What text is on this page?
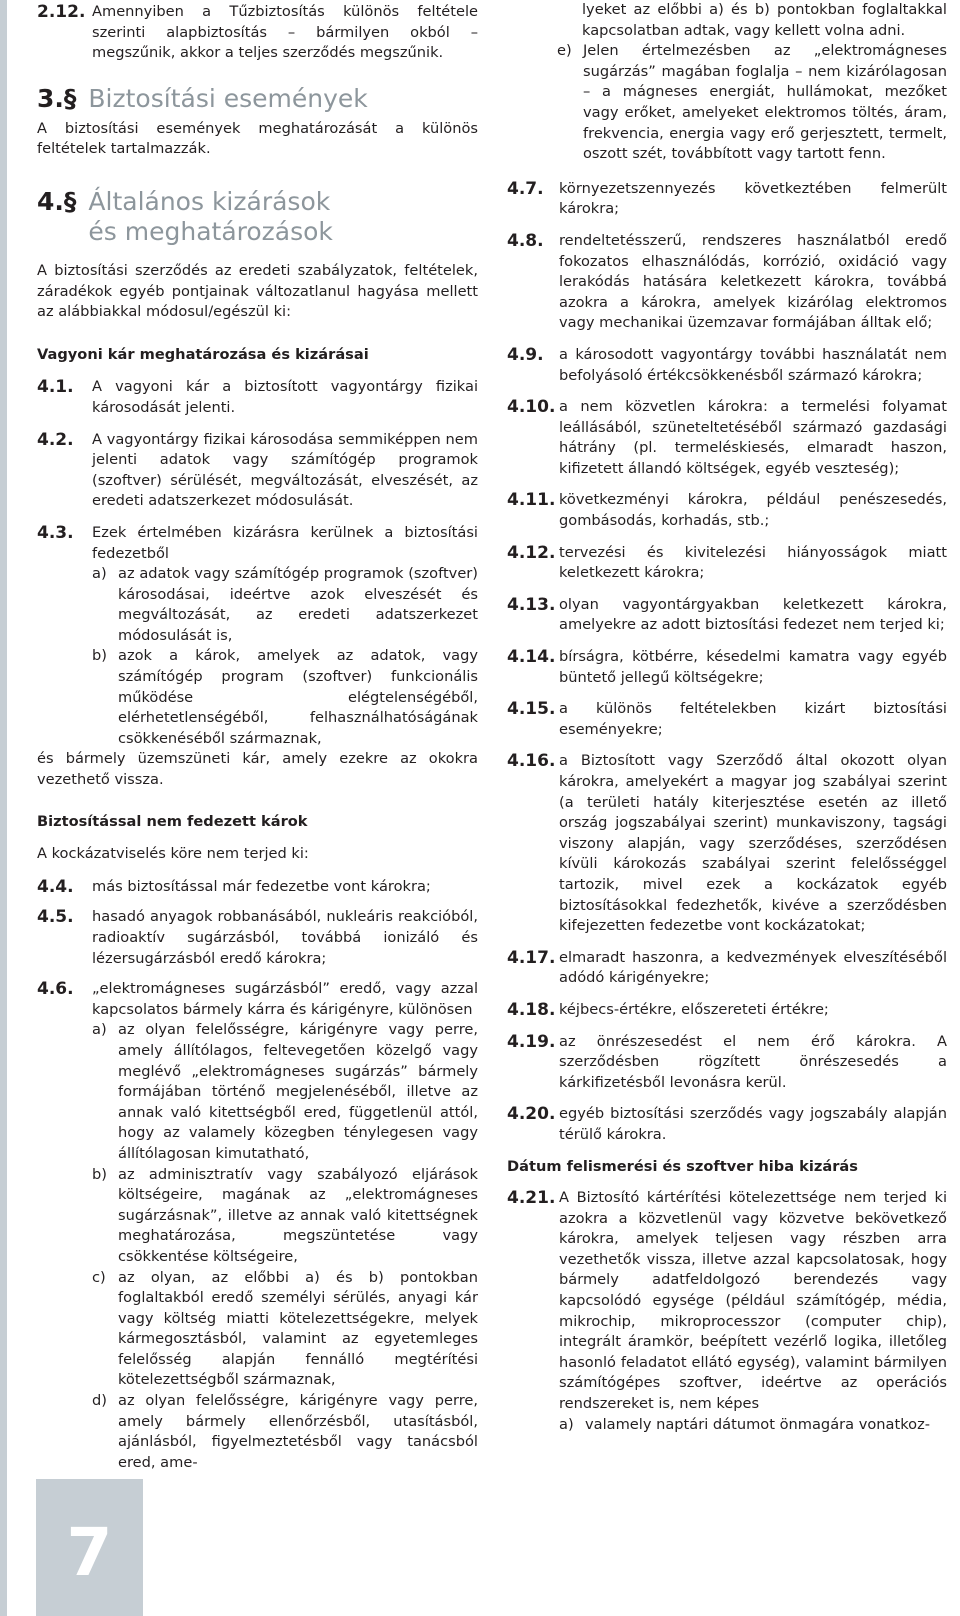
2.12. Amennyiben a Tűzbiztosítás különös feltétele szerinti alapbiztosítás – bármilyen okból – megszűnik, akkor a teljes szerződés megszűnik.
3.§ Biztosítási események

A biztosítási események meghatározását a különös feltételek tartalmazzák.

4.§ Általános kizárások
és meghatározások

A biztosítási szerződés az eredeti szabályzatok, feltételek, záradékok egyéb pontjainak változatlanul hagyása mellett az alábbiakkal módosul/egészül ki:

Vagyoni kár meghatározása és kizárásai

4.1.	A vagyoni kár a biztosított vagyontárgy fizikai károsodását jelenti.
4.2.	A vagyontárgy fizikai károsodása semmiképpen nem jelenti adatok vagy számítógép programok (szoftver) sérülését, megváltozását, elveszését, az eredeti adatszerkezet módosulását.
4.3.	Ezek értelmében kizárásra kerülnek a biztosítási fedezetből
a) az adatok vagy számítógép programok (szoftver) károsodásai, ideértve azok elveszését és megváltozását, az eredeti adatszerkezet módosulását is,
b) azok a károk, amelyek az adatok, vagy számítógép program (szoftver) funkcionális működése elégtelenségéből, elérhetetlenségéből, felhasználhatóságának csökkenéséből származnak,

és bármely üzemszüneti kár, amely ezekre az okokra vezethető vissza.

Biztosítással nem fedezett károk

A kockázatviselés köre nem terjed ki:

4.4.	más biztosítással már fedezetbe vont károkra;
4.5.	hasadó anyagok robbanásából, nukleáris reakcióból, radioaktív sugárzásból, továbbá ionizáló és lézersugárzásból eredő károkra;
4.6.	„elektromágneses sugárzásból” eredő, vagy azzal kapcsolatos bármely kárra és kárigényre, különösen
a) az olyan felelősségre, kárigényre vagy perre, amely állítólagos, feltevegetően közelgő vagy meglévő „elektromágneses sugárzás” bármely formájában történő megjelenéséből, illetve az annak való kitettségből ered, függetlenül attól, hogy az valamely közegben ténylegesen vagy állítólagosan kimutatható,
b) az adminisztratív vagy szabályozó eljárások költségeire, magának az „elektromágneses sugárzásnak”, illetve az annak való kitettségnek meghatározása, megszüntetése vagy csökkentése költségeire,
c) az olyan, az előbbi a) és b) pontokban foglaltakból eredő személyi sérülés, anyagi kár vagy költség miatti kötelezettségekre, melyek kármegosztásból, valamint az egyetemleges felelősség alapján fennálló megtérítési kötelezettségből származnak,
d) az olyan felelősségre, kárigényre vagy perre, amely bármely ellenőrzésből, utasításból, ajánlásból, figyelmeztetésből vagy tanácsból ered, ame-
7
lyeket az előbbi a) és b) pontokban foglaltakkal kapcsolatban adtak, vagy kellett volna adni.
e) Jelen értelmezésben az „elektromágneses sugárzás” magában foglalja – nem kizárólagosan – a mágneses energiát, hullámokat, mezőket vagy erőket, amelyeket elektromos töltés, áram, frekvencia, energia vagy erő gerjesztett, termelt, oszott szét, továbbított vagy tartott fenn.
4.7.	környezetszennyezés következtében felmerült károkra;
4.8.	rendeltetésszerű, rendszeres használatból eredő fokozatos elhasználódás, korrózió, oxidáció vagy lerakódás hatására keletkezett károkra, továbbá azokra a károkra, amelyek kizárólag elektromos vagy mechanikai üzemzavar formájában álltak elő;
4.9.	a károsodott vagyontárgy további használatát nem befolyásoló értékcsökkenésből származó károkra;
4.10. a nem közvetlen károkra: a termelési folyamat leállásából, szüneteltetéséből származó gazdasági hátrány (pl. termeléskiesés, elmaradt haszon, kifizetett állandó költségek, egyéb veszteség);
4.11. következményi károkra, például penészesedés, gombásodás, korhadás, stb.;
4.12. tervezési és kivitelezési hiányosságok miatt keletkezett károkra;
4.13. olyan vagyontárgyakban keletkezett károkra, amelyekre az adott biztosítási fedezet nem terjed ki;
4.14. bírságra, kötbérre, késedelmi kamatra vagy egyéb büntető jellegű költségekre;
4.15. a különös feltételekben kizárt biztosítási eseményekre;
4.16. a Biztosított vagy Szerződő által okozott olyan károkra, amelyekért a magyar jog szabályai szerint (a területi hatály kiterjesztése esetén az illető ország jogszabályai szerint) munkaviszony, tagsági viszony alapján, vagy szerződéses, szerződésen kívüli károkozás szabályai szerint felelősséggel tartozik, mivel ezek a kockázatok egyéb biztosításokkal fedezhetők, kivéve a szerződésben kifejezetten fedezetbe vont kockázatokat;
4.17. elmaradt haszonra, a kedvezmények elveszítéséből adódó kárigényekre;
4.18. kéjbecs-értékre, előszereteti értékre;
4.19. az önrészesedést el nem érő károkra. A szerződésben rögzített önrészesedés a kárkifizetésből levonásra kerül.
4.20. egyéb biztosítási szerződés vagy jogszabály alapján térülő károkra.

Dátum felismerési és szoftver hiba kizárás

4.21. A Biztosító kártérítési kötelezettsége nem terjed ki azokra a közvetlenül vagy közvetve bekövetkező károkra, amelyek teljesen vagy részben arra vezethetők vissza, illetve azzal kapcsolatosak, hogy bármely adatfeldolgozó berendezés vagy kapcsolódó egysége (például számítógép, média, mikrochip, mikroprocesszor (computer chip), integrált áramkör, beépített vezérlő logika, illetőleg hasonló feladatot ellátó egység), valamint bármilyen számítógépes szoftver, ideértve az operációs rendszereket is, nem képes
a) valamely naptári dátumot önmagára vonatkoz-
